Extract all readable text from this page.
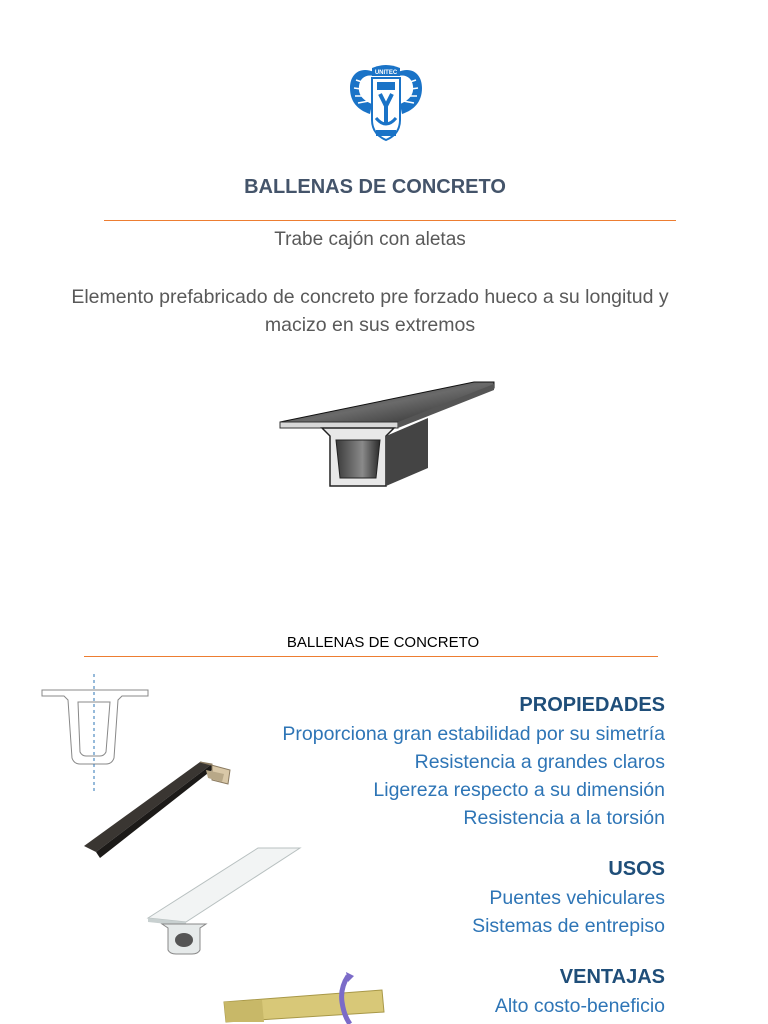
UNITEC
BALLENAS DE CONCRETO
Trabe cajón con aletas
Elemento prefabricado de concreto pre forzado hueco a su longitud y macizo en sus extremos
BALLENAS DE CONCRETO
PROPIEDADES
Proporciona gran estabilidad por su simetría
Resistencia a grandes claros
Ligereza respecto a su dimensión
Resistencia a la torsión
USOS
Puentes vehiculares
Sistemas de entrepiso
VENTAJAS
Alto costo-beneficio
